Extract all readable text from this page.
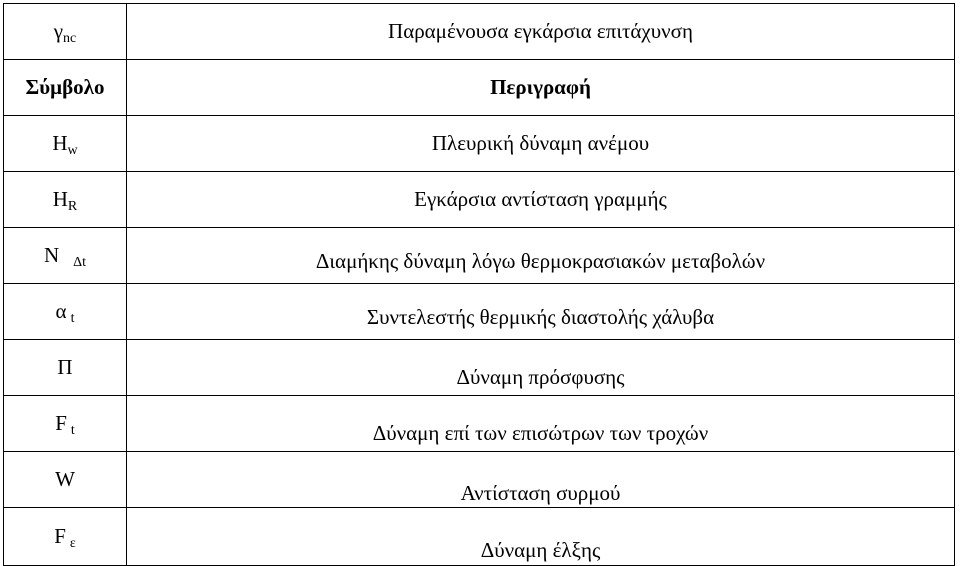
$\gamma_{nc}$	Παραμένουσα εγκάρσια επιτάχυνση
Σύμβολο	Περιγραφή
$H_w$	Πλευρική δύναμη ανέμου
$H_R$	Εγκάρσια αντίσταση γραμμής
N $_{\Delta t}$	Διαμήκης δύναμη λόγω θερμοκρασιακών μεταβολών
α $_t$	Συντελεστής θερμικής διαστολής χάλυβα
Π	Δύναμη πρόσφυσης
F $_t$	Δύναμη επί των επισώτρων των τροχών
W	Αντίσταση συρμού
F $_\varepsilon$	Δύναμη έλξης
